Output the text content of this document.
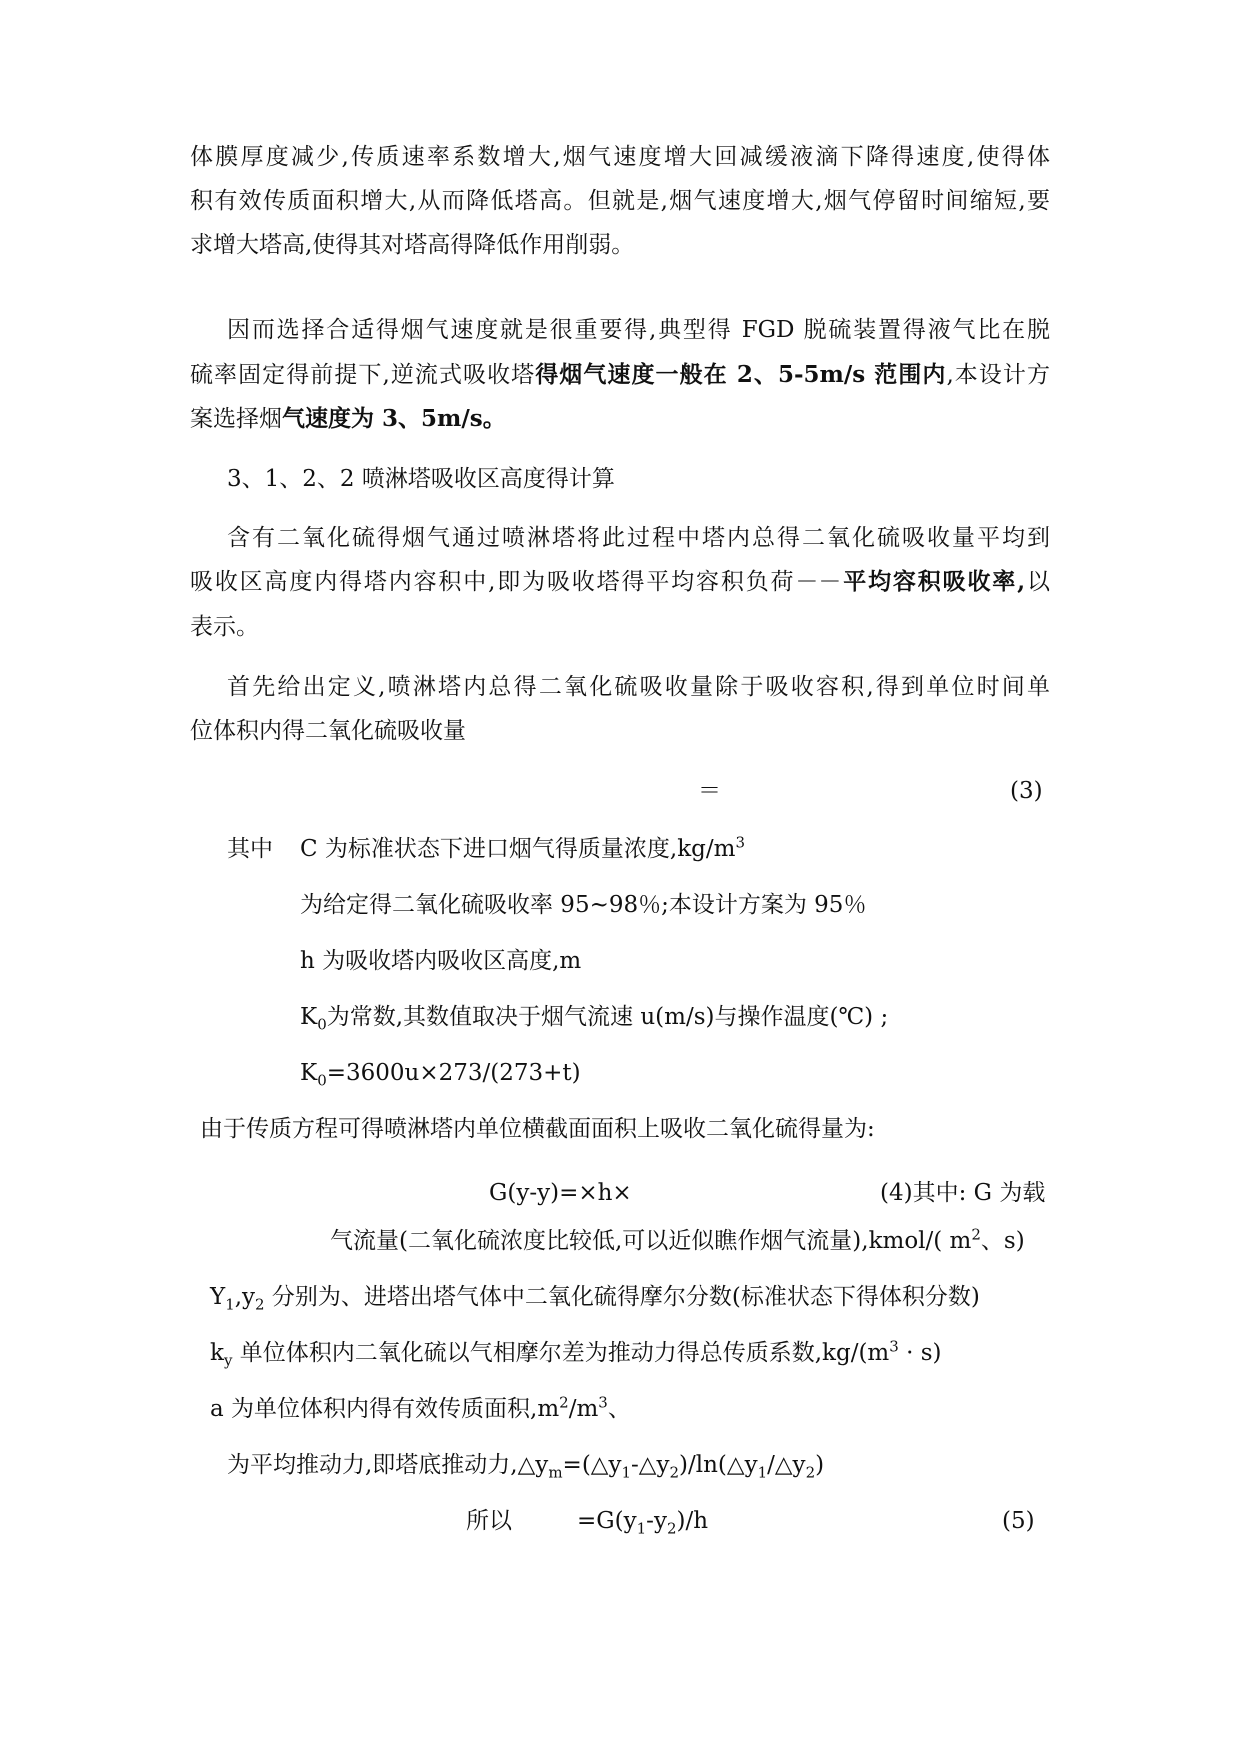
体膜厚度减少,传质速率系数增大,烟气速度增大回减缓液滴下降得速度,使得体
积有效传质面积增大,从而降低塔高。但就是,烟气速度增大,烟气停留时间缩短,要
求增大塔高,使得其对塔高得降低作用削弱。
因而选择合适得烟气速度就是很重要得,典型得 FGD 脱硫装置得液气比在脱
硫率固定得前提下,逆流式吸收塔得烟气速度一般在 2、5-5m/s 范围内,本设计方
案选择烟气速度为 3、5m/s。
3、1、2、2 喷淋塔吸收区高度得计算
含有二氧化硫得烟气通过喷淋塔将此过程中塔内总得二氧化硫吸收量平均到
吸收区高度内得塔内容积中,即为吸收塔得平均容积负荷－－平均容积吸收率,以
表示。
首先给出定义,喷淋塔内总得二氧化硫吸收量除于吸收容积,得到单位时间单
位体积内得二氧化硫吸收量
＝	(3)
其中 C 为标准状态下进口烟气得质量浓度$,kg/m^3$
为给定得二氧化硫吸收率 95~98％;本设计方案为 95％
h 为吸收塔内吸收区高度,m
$K_0$为常数,其数值取决于烟气流速 u(m/s)与操作温度(℃) ;
$K_0=3600u\times 273/(273+t)$
由于传质方程可得喷淋塔内单位横截面面积上吸收二氧化硫得量为:
G(y-y)=×h×	(4)其中: G 为载
气流量(二氧化硫浓度比较低,可以近似瞧作烟气流量),kmol/( $m^2$、s)
$Y_1,y_2$ 分别为、进塔出塔气体中二氧化硫得摩尔分数(标准状态下得体积分数)
$k_y$ 单位体积内二氧化硫以气相摩尔差为推动力得总传质系数$,kg/(m^3 \cdot s)$
a 为单位体积内得有效传质面积$,m^2/m^3$、
为平均推动力,即塔底推动力$,\triangle y_m=(\triangle y_1-\triangle y_2)/\ln(\triangle y_1/\triangle y_2)$
所以	$=G(y_1-y_2)/h$	(5)
